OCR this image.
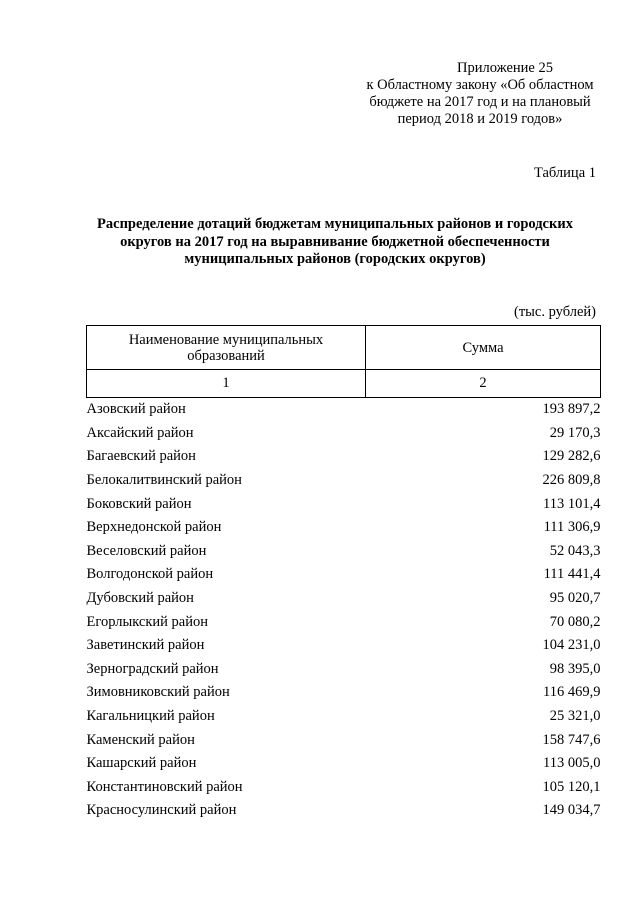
Приложение 25
к Областному закону «Об областном
бюджете на 2017 год и на плановый
период 2018 и 2019 годов»
Таблица 1
Распределение дотаций бюджетам муниципальных районов и городских
округов на 2017 год на выравнивание бюджетной обеспеченности
муниципальных районов (городских округов)
(тыс. рублей)
Наименование муниципальных
образований	Сумма
1	2
Азовский район	193 897,2
Аксайский район	29 170,3
Багаевский район	129 282,6
Белокалитвинский район	226 809,8
Боковский район	113 101,4
Верхнедонской район	111 306,9
Веселовский район	52 043,3
Волгодонской район	111 441,4
Дубовский район	95 020,7
Егорлыкский район	70 080,2
Заветинский район	104 231,0
Зерноградский район	98 395,0
Зимовниковский район	116 469,9
Кагальницкий район	25 321,0
Каменский район	158 747,6
Кашарский район	113 005,0
Константиновский район	105 120,1
Красносулинский район	149 034,7
